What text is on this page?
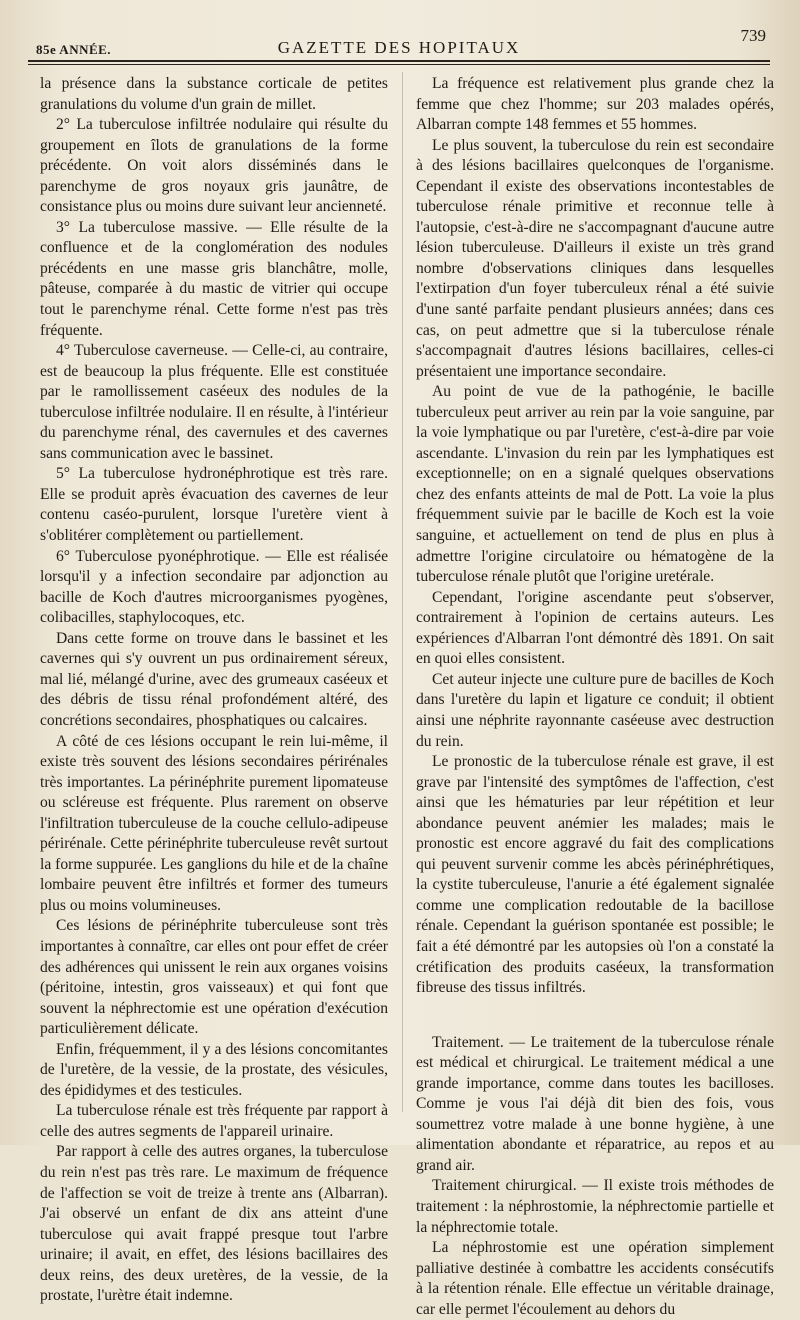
85e ANNÉE.	GAZETTE DES HOPITAUX
739

la présence dans la substance corticale de petites granulations du volume d'un grain de millet.

2° La tuberculose infiltrée nodulaire qui résulte du groupement en îlots de granulations de la forme précédente. On voit alors disséminés dans le parenchyme de gros noyaux gris jaunâtre, de consistance plus ou moins dure suivant leur ancienneté.

3° La tuberculose massive. — Elle résulte de la confluence et de la conglomération des nodules précédents en une masse gris blanchâtre, molle, pâteuse, comparée à du mastic de vitrier qui occupe tout le parenchyme rénal. Cette forme n'est pas très fréquente.

4° Tuberculose caverneuse. — Celle-ci, au contraire, est de beaucoup la plus fréquente. Elle est constituée par le ramollissement caséeux des nodules de la tuberculose infiltrée nodulaire. Il en résulte, à l'intérieur du parenchyme rénal, des cavernules et des cavernes sans communication avec le bassinet.

5° La tuberculose hydronéphrotique est très rare. Elle se produit après évacuation des cavernes de leur contenu caséo-purulent, lorsque l'uretère vient à s'oblitérer complètement ou partiellement.

6° Tuberculose pyonéphrotique. — Elle est réalisée lorsqu'il y a infection secondaire par adjonction au bacille de Koch d'autres microorganismes pyogènes, colibacilles, staphylocoques, etc.

Dans cette forme on trouve dans le bassinet et les cavernes qui s'y ouvrent un pus ordinairement séreux, mal lié, mélangé d'urine, avec des grumeaux caséeux et des débris de tissu rénal profondément altéré, des concrétions secondaires, phosphatiques ou calcaires.

A côté de ces lésions occupant le rein lui-même, il existe très souvent des lésions secondaires périrénales très importantes. La périnéphrite purement lipomateuse ou scléreuse est fréquente. Plus rarement on observe l'infiltration tuberculeuse de la couche cellulo-adipeuse périrénale. Cette périnéphrite tuberculeuse revêt surtout la forme suppurée. Les ganglions du hile et de la chaîne lombaire peuvent être infiltrés et former des tumeurs plus ou moins volumineuses.

Ces lésions de périnéphrite tuberculeuse sont très importantes à connaître, car elles ont pour effet de créer des adhérences qui unissent le rein aux organes voisins (péritoine, intestin, gros vaisseaux) et qui font que souvent la néphrectomie est une opération d'exécution particulièrement délicate.

Enfin, fréquemment, il y a des lésions concomitantes de l'uretère, de la vessie, de la prostate, des vésicules, des épididymes et des testicules.

La tuberculose rénale est très fréquente par rapport à celle des autres segments de l'appareil urinaire.

Par rapport à celle des autres organes, la tuberculose du rein n'est pas très rare. Le maximum de fréquence de l'affection se voit de treize à trente ans (Albarran). J'ai observé un enfant de dix ans atteint d'une tuberculose qui avait frappé presque tout l'arbre urinaire; il avait, en effet, des lésions bacillaires des deux reins, des deux uretères, de la vessie, de la prostate, l'urètre était indemne.

La fréquence est relativement plus grande chez la femme que chez l'homme; sur 203 malades opérés, Albarran compte 148 femmes et 55 hommes.

Le plus souvent, la tuberculose du rein est secondaire à des lésions bacillaires quelconques de l'organisme. Cependant il existe des observations incontestables de tuberculose rénale primitive et reconnue telle à l'autopsie, c'est-à-dire ne s'accompagnant d'aucune autre lésion tuberculeuse. D'ailleurs il existe un très grand nombre d'observations cliniques dans lesquelles l'extirpation d'un foyer tuberculeux rénal a été suivie d'une santé parfaite pendant plusieurs années; dans ces cas, on peut admettre que si la tuberculose rénale s'accompagnait d'autres lésions bacillaires, celles-ci présentaient une importance secondaire.

Au point de vue de la pathogénie, le bacille tuberculeux peut arriver au rein par la voie sanguine, par la voie lymphatique ou par l'uretère, c'est-à-dire par voie ascendante. L'invasion du rein par les lymphatiques est exceptionnelle; on en a signalé quelques observations chez des enfants atteints de mal de Pott. La voie la plus fréquemment suivie par le bacille de Koch est la voie sanguine, et actuellement on tend de plus en plus à admettre l'origine circulatoire ou hématogène de la tuberculose rénale plutôt que l'origine uretérale.

Cependant, l'origine ascendante peut s'observer, contrairement à l'opinion de certains auteurs. Les expériences d'Albarran l'ont démontré dès 1891. On sait en quoi elles consistent.

Cet auteur injecte une culture pure de bacilles de Koch dans l'uretère du lapin et ligature ce conduit; il obtient ainsi une néphrite rayonnante caséeuse avec destruction du rein.

Le pronostic de la tuberculose rénale est grave, il est grave par l'intensité des symptômes de l'affection, c'est ainsi que les hématuries par leur répétition et leur abondance peuvent anémier les malades; mais le pronostic est encore aggravé du fait des complications qui peuvent survenir comme les abcès périnéphrétiques, la cystite tuberculeuse, l'anurie a été également signalée comme une complication redoutable de la bacillose rénale. Cependant la guérison spontanée est possible; le fait a été démontré par les autopsies où l'on a constaté la crétification des produits caséeux, la transformation fibreuse des tissus infiltrés.

Traitement. — Le traitement de la tuberculose rénale est médical et chirurgical. Le traitement médical a une grande importance, comme dans toutes les bacilloses. Comme je vous l'ai déjà dit bien des fois, vous soumettrez votre malade à une bonne hygiène, à une alimentation abondante et réparatrice, au repos et au grand air.

Traitement chirurgical. — Il existe trois méthodes de traitement : la néphrostomie, la néphrectomie partielle et la néphrectomie totale.

La néphrostomie est une opération simplement palliative destinée à combattre les accidents consécutifs à la rétention rénale. Elle effectue un véritable drainage, car elle permet l'écoulement au dehors du
